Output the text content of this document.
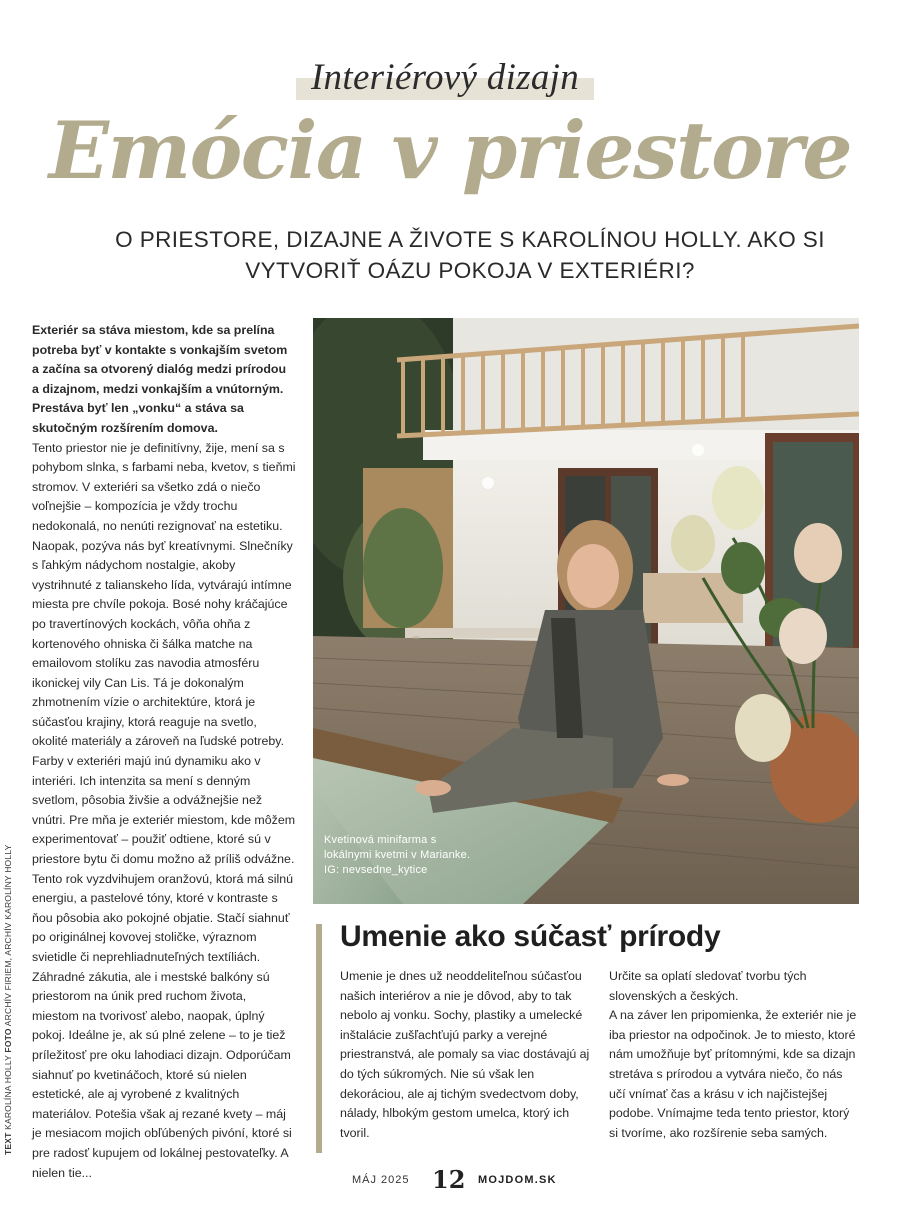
Interiérový dizajn
Emócia v priestore
O PRIESTORE, DIZAJNE A ŽIVOTE S KAROLÍNOU HOLLY. AKO SI VYTVORIŤ OÁZU POKOJA V EXTERIÉRI?
TEXT KAROLÍNA HOLLY FOTO ARCHÍV FIRIEM, ARCHÍV KAROLÍNY HOLLY

Exteriér sa stáva miestom, kde sa prelína potreba byť v kontakte s vonkajším svetom a začína sa otvorený dialóg medzi prírodou a dizajnom, medzi vonkajším a vnútorným. Prestáva byť len „vonku“ a stáva sa skutočným rozšírením domova.

Tento priestor nie je definitívny, žije, mení sa s pohybom slnka, s farbami neba, kvetov, s tieňmi stromov. V exteriéri sa všetko zdá o niečo voľnejšie – kompozícia je vždy trochu nedokonalá, no nenúti rezignovať na estetiku. Naopak, pozýva nás byť kreatívnymi. Slnečníky s ľahkým nádychom nostalgie, akoby vystrihnuté z talianskeho lída, vytvárajú intímne miesta pre chvíle pokoja. Bosé nohy kráčajúce po travertínových kockách, vôňa ohňa z kortenového ohniska či šálka matche na emailovom stolíku zas navodia atmosféru ikonickej vily Can Lis. Tá je dokonalým zhmotnením vízie o architektúre, ktorá je súčasťou krajiny, ktorá reaguje na svetlo, okolité materiály a zároveň na ľudské potreby.

Farby v exteriéri majú inú dynamiku ako v interiéri. Ich intenzita sa mení s denným svetlom, pôsobia živšie a odvážnejšie než vnútri. Pre mňa je exteriér miestom, kde môžem experimentovať – použiť odtiene, ktoré sú v priestore bytu či domu možno až príliš odvážne. Tento rok vyzdvihujem oranžovú, ktorá má silnú energiu, a pastelové tóny, ktoré v kontraste s ňou pôsobia ako pokojné objatie. Stačí siahnuť po originálnej kovovej stoličke, výraznom svietidle či neprehliadnuteľných textíliách.

Záhradné zákutia, ale i mestské balkóny sú priestorom na únik pred ruchom života, miestom na tvorivosť alebo, naopak, úplný pokoj. Ideálne je, ak sú plné zelene – to je tiež príležitosť pre oku lahodiaci dizajn. Odporúčam siahnuť po kvetináčoch, ktoré sú nielen estetické, ale aj vyrobené z kvalitných materiálov. Potešia však aj rezané kvety – máj je mesiacom mojich obľúbených pivóní, ktoré si pre radosť kupujem od lokálnej pestovateľky. A nielen tie...

Kvetinová minifarma s lokálnymi kvetmi v Marianke. IG: nevsedne_kytice
Umenie ako súčasť prírody

Umenie je dnes už neoddeliteľnou súčasťou našich interiérov a nie je dôvod, aby to tak nebolo aj vonku. Sochy, plastiky a umelecké inštalácie zušľachťujú parky a verejné priestranstvá, ale pomaly sa viac dostávajú aj do tých súkromých. Nie sú však len dekoráciou, ale aj tichým svedectvom doby, nálady, hlbokým gestom umelca, ktorý ich tvoril.

Určite sa oplatí sledovať tvorbu tých slovenských a českých.

A na záver len pripomienka, že exteriér nie je iba priestor na odpočinok. Je to miesto, ktoré nám umožňuje byť prítomnými, kde sa dizajn stretáva s prírodou a vytvára niečo, čo nás učí vnímať čas a krásu v ich najčistejšej podobe. Vnímajme teda tento priestor, ktorý si tvoríme, ako rozšírenie seba samých.

MÁJ 2025 12 MOJDOM.SK
